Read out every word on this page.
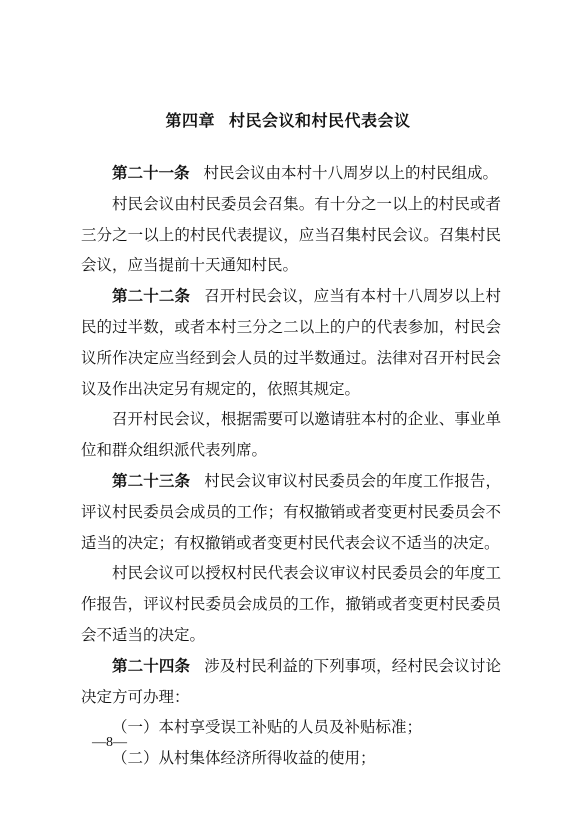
第四章 村民会议和村民代表会议

第二十一条 村民会议由本村十八周岁以上的村民组成。

村民会议由村民委员会召集。有十分之一以上的村民或者三分之一以上的村民代表提议，应当召集村民会议。召集村民会议，应当提前十天通知村民。

第二十二条 召开村民会议，应当有本村十八周岁以上村民的过半数，或者本村三分之二以上的户的代表参加，村民会议所作决定应当经到会人员的过半数通过。法律对召开村民会议及作出决定另有规定的，依照其规定。

召开村民会议，根据需要可以邀请驻本村的企业、事业单位和群众组织派代表列席。

第二十三条 村民会议审议村民委员会的年度工作报告，评议村民委员会成员的工作；有权撤销或者变更村民委员会不适当的决定；有权撤销或者变更村民代表会议不适当的决定。

村民会议可以授权村民代表会议审议村民委员会的年度工作报告，评议村民委员会成员的工作，撤销或者变更村民委员会不适当的决定。

第二十四条 涉及村民利益的下列事项，经村民会议讨论决定方可办理：

（一）本村享受误工补贴的人员及补贴标准；

（二）从村集体经济所得收益的使用；

—8—
